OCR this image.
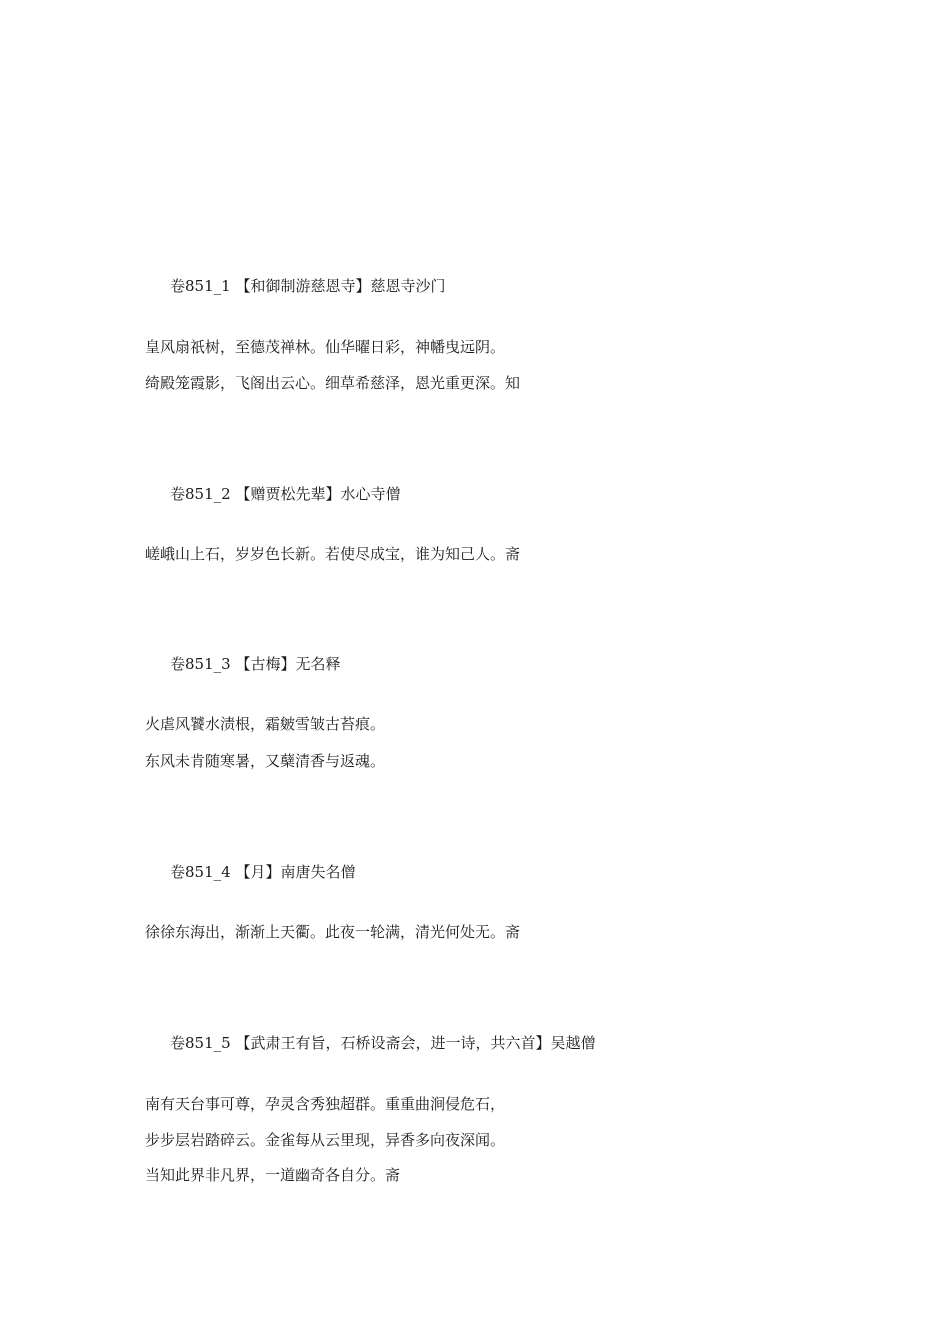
卷851_1 【和御制游慈恩寺】慈恩寺沙门
皇风扇祇树，至德茂禅林。仙华曜日彩，神幡曳远阴。
绮殿笼霞影，飞阁出云心。细草希慈泽，恩光重更深。知
卷851_2 【赠贾松先辈】水心寺僧
嵯峨山上石，岁岁色长新。若使尽成宝，谁为知己人。斋
卷851_3 【古梅】无名释
火虐风饕水渍根，霜皴雪皱古苔痕。
东风未肯随寒暑，又蘖清香与返魂。
卷851_4 【月】南唐失名僧
徐徐东海出，渐渐上天衢。此夜一轮满，清光何处无。斋
卷851_5 【武肃王有旨，石桥设斋会，进一诗，共六首】吴越僧
南有天台事可尊，孕灵含秀独超群。重重曲涧侵危石，
步步层岩踏碎云。金雀每从云里现，异香多向夜深闻。
当知此界非凡界，一道幽奇各自分。斋
